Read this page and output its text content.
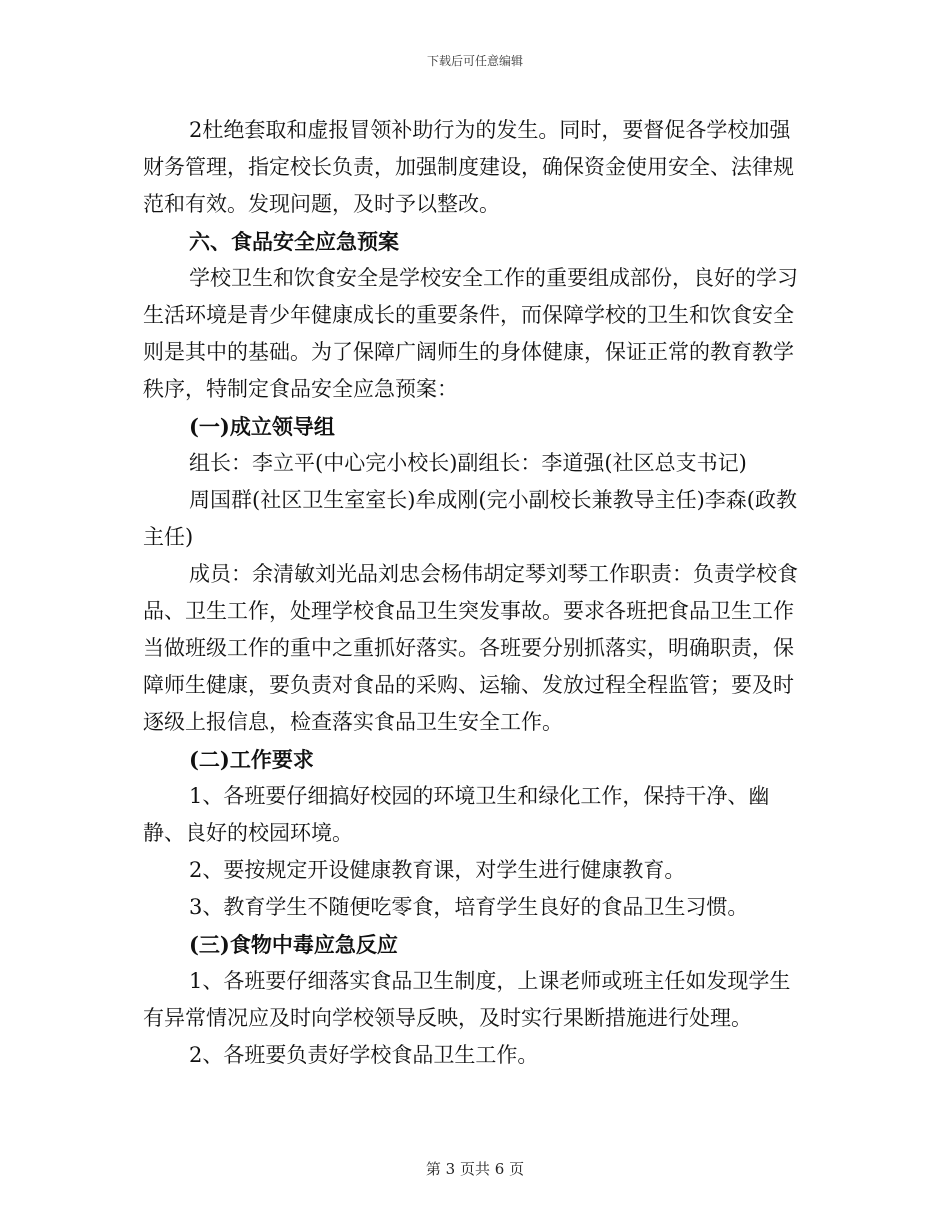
下载后可任意编辑

2杜绝套取和虚报冒领补助行为的发生。同时，要督促各学校加强财务管理，指定校长负责，加强制度建设，确保资金使用安全、法律规范和有效。发现问题，及时予以整改。

六、食品安全应急预案

学校卫生和饮食安全是学校安全工作的重要组成部份，良好的学习生活环境是青少年健康成长的重要条件，而保障学校的卫生和饮食安全则是其中的基础。为了保障广阔师生的身体健康，保证正常的教育教学秩序，特制定食品安全应急预案：

(一)成立领导组

组长：李立平(中心完小校长)副组长：李道强(社区总支书记)

周国群(社区卫生室室长)牟成刚(完小副校长兼教导主任)李森(政教主任)

成员：余清敏刘光品刘忠会杨伟胡定琴刘琴工作职责：负责学校食品、卫生工作，处理学校食品卫生突发事故。要求各班把食品卫生工作当做班级工作的重中之重抓好落实。各班要分别抓落实，明确职责，保障师生健康，要负责对食品的采购、运输、发放过程全程监管；要及时逐级上报信息，检查落实食品卫生安全工作。

(二)工作要求

1、各班要仔细搞好校园的环境卫生和绿化工作，保持干净、幽静、良好的校园环境。

2、要按规定开设健康教育课，对学生进行健康教育。

3、教育学生不随便吃零食，培育学生良好的食品卫生习惯。

(三)食物中毒应急反应

1、各班要仔细落实食品卫生制度，上课老师或班主任如发现学生有异常情况应及时向学校领导反映，及时实行果断措施进行处理。

2、各班要负责好学校食品卫生工作。

第 3 页共 6 页
